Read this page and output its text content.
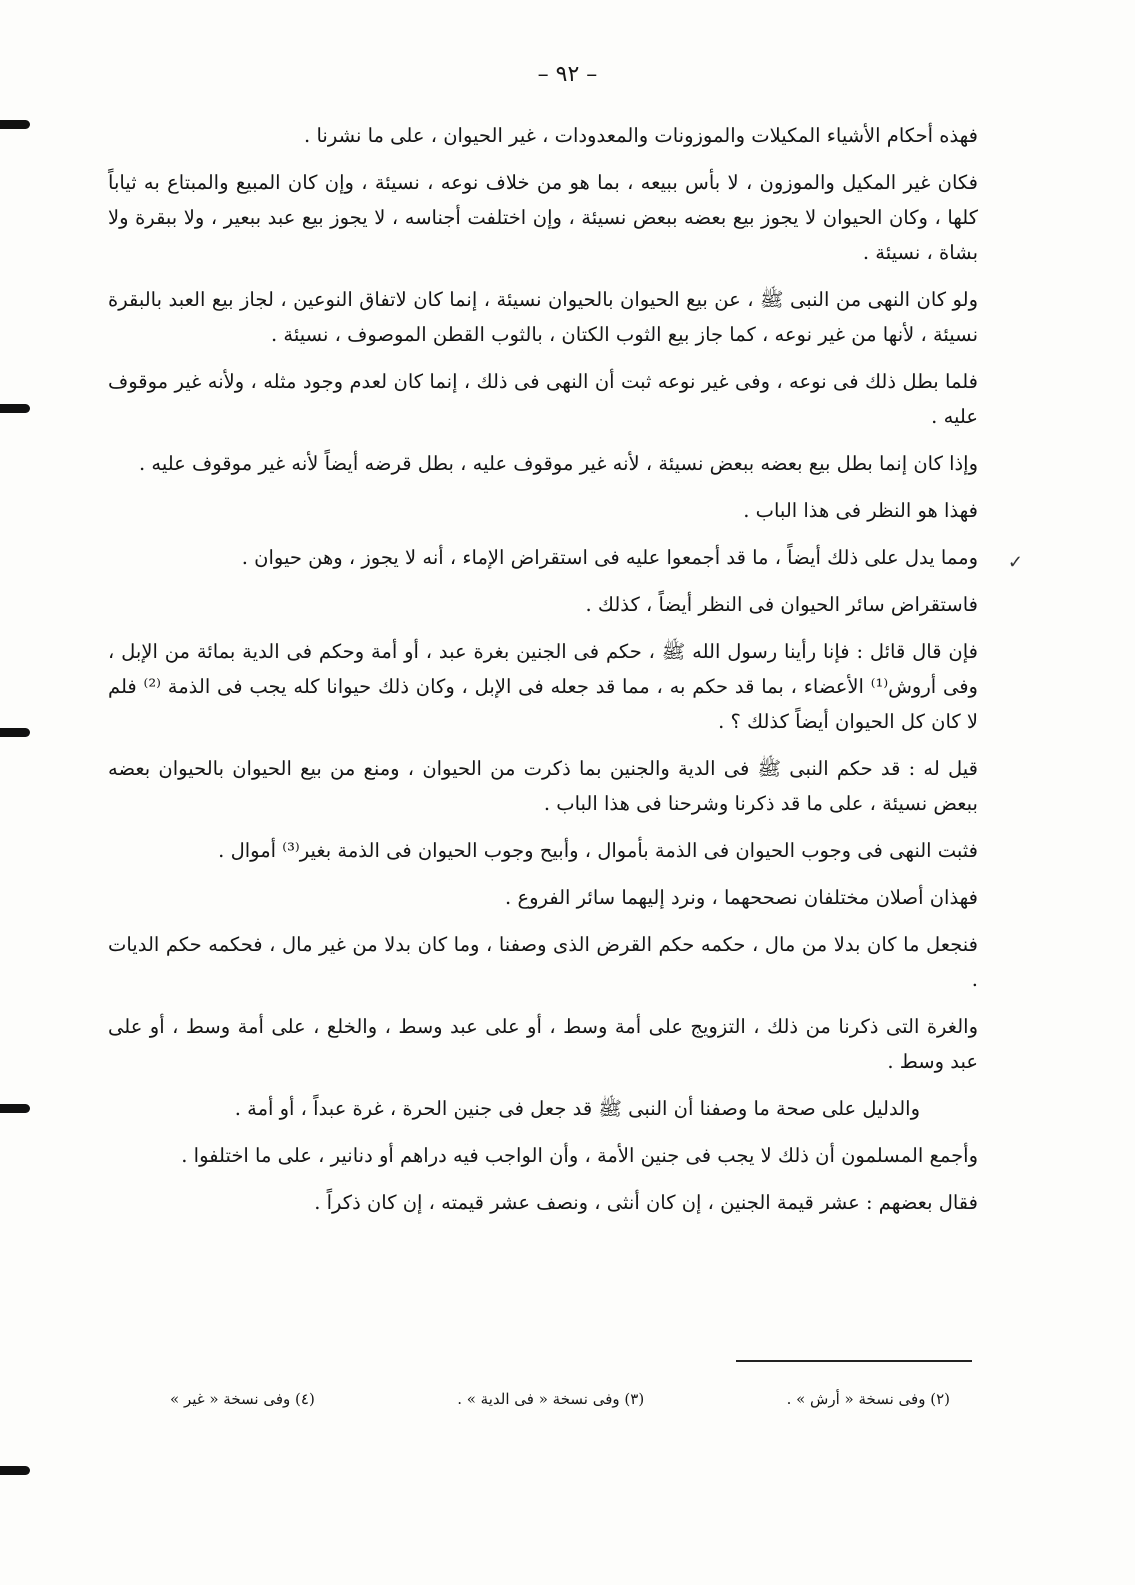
– ٩٢ –

فهذه أحكام الأشياء المكيلات والموزونات والمعدودات ، غير الحيوان ، على ما نشرنا .

فكان غير المكيل والموزون ، لا بأس ببيعه ، بما هو من خلاف نوعه ، نسيئة ، وإن كان المبيع والمبتاع به ثياباً كلها ، وكان الحيوان لا يجوز بيع بعضه ببعض نسيئة ، وإن اختلفت أجناسه ، لا يجوز بيع عبد ببعير ، ولا ببقرة ولا بشاة ، نسيئة .

ولو كان النهى من النبى ﷺ ، عن بيع الحيوان بالحيوان نسيئة ، إنما كان لاتفاق النوعين ، لجاز بيع العبد بالبقرة نسيئة ، لأنها من غير نوعه ، كما جاز بيع الثوب الكتان ، بالثوب القطن الموصوف ، نسيئة .

فلما بطل ذلك فى نوعه ، وفى غير نوعه ثبت أن النهى فى ذلك ، إنما كان لعدم وجود مثله ، ولأنه غير موقوف عليه .

وإذا كان إنما بطل بيع بعضه ببعض نسيئة ، لأنه غير موقوف عليه ، بطل قرضه أيضاً لأنه غير موقوف عليه .

فهذا هو النظر فى هذا الباب .

✓

ومما يدل على ذلك أيضاً ، ما قد أجمعوا عليه فى استقراض الإماء ، أنه لا يجوز ، وهن حيوان .

فاستقراض سائر الحيوان فى النظر أيضاً ، كذلك .

فإن قال قائل : فإنا رأينا رسول الله ﷺ ، حكم فى الجنين بغرة عبد ، أو أمة وحكم فى الدية بمائة من الإبل ، وفى أروش⁽¹⁾ الأعضاء ، بما قد حكم به ، مما قد جعله فى الإبل ، وكان ذلك حيوانا كله يجب فى الذمة ⁽²⁾ فلم لا كان كل الحيوان أيضاً كذلك ؟ .

قيل له : قد حكم النبى ﷺ فى الدية والجنين بما ذكرت من الحيوان ، ومنع من بيع الحيوان بالحيوان بعضه ببعض نسيئة ، على ما قد ذكرنا وشرحنا فى هذا الباب .

فثبت النهى فى وجوب الحيوان فى الذمة بأموال ، وأبيح وجوب الحيوان فى الذمة بغير⁽³⁾ أموال .

فهذان أصلان مختلفان نصححهما ، ونرد إليهما سائر الفروع .

فنجعل ما كان بدلا من مال ، حكمه حكم القرض الذى وصفنا ، وما كان بدلا من غير مال ، فحكمه حكم الديات .

والغرة التى ذكرنا من ذلك ، التزويج على أمة وسط ، أو على عبد وسط ، والخلع ، على أمة وسط ، أو على عبد وسط .

والدليل على صحة ما وصفنا أن النبى ﷺ قد جعل فى جنين الحرة ، غرة عبداً ، أو أمة .

وأجمع المسلمون أن ذلك لا يجب فى جنين الأمة ، وأن الواجب فيه دراهم أو دنانير ، على ما اختلفوا .

فقال بعضهم : عشر قيمة الجنين ، إن كان أنثى ، ونصف عشر قيمته ، إن كان ذكراً .

(٢) وفى نسخة « أرش » .
(٣) وفى نسخة « فى الدية » .
(٤) وفى نسخة « غير »
